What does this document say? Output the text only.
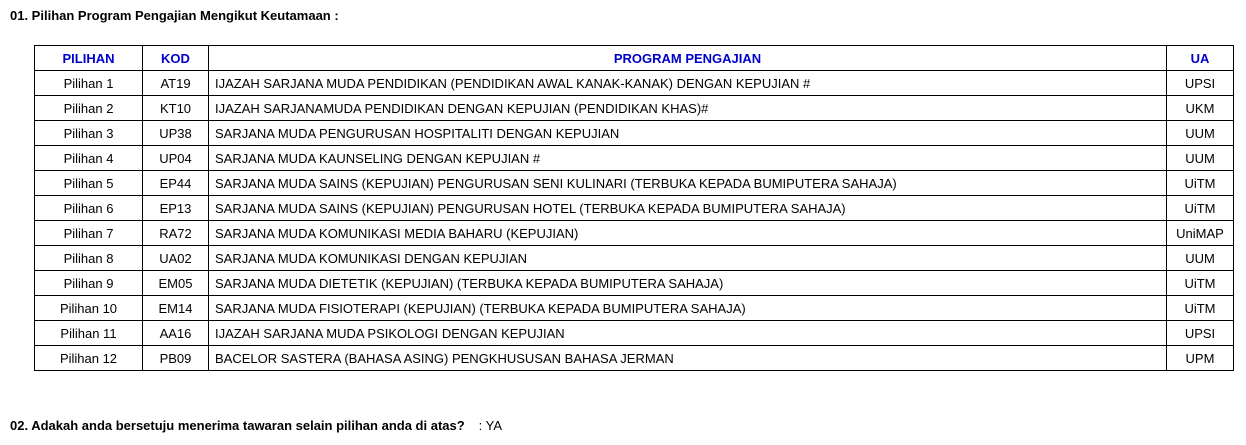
01. Pilihan Program Pengajian Mengikut Keutamaan :
PILIHAN	KOD	PROGRAM PENGAJIAN	UA
Pilihan 1	AT19	IJAZAH SARJANA MUDA PENDIDIKAN (PENDIDIKAN AWAL KANAK-KANAK) DENGAN KEPUJIAN #	UPSI
Pilihan 2	KT10	IJAZAH SARJANAMUDA PENDIDIKAN DENGAN KEPUJIAN (PENDIDIKAN KHAS)#	UKM
Pilihan 3	UP38	SARJANA MUDA PENGURUSAN HOSPITALITI DENGAN KEPUJIAN	UUM
Pilihan 4	UP04	SARJANA MUDA KAUNSELING DENGAN KEPUJIAN #	UUM
Pilihan 5	EP44	SARJANA MUDA SAINS (KEPUJIAN) PENGURUSAN SENI KULINARI (TERBUKA KEPADA BUMIPUTERA SAHAJA)	UiTM
Pilihan 6	EP13	SARJANA MUDA SAINS (KEPUJIAN) PENGURUSAN HOTEL (TERBUKA KEPADA BUMIPUTERA SAHAJA)	UiTM
Pilihan 7	RA72	SARJANA MUDA KOMUNIKASI MEDIA BAHARU (KEPUJIAN)	UniMAP
Pilihan 8	UA02	SARJANA MUDA KOMUNIKASI DENGAN KEPUJIAN	UUM
Pilihan 9	EM05	SARJANA MUDA DIETETIK (KEPUJIAN) (TERBUKA KEPADA BUMIPUTERA SAHAJA)	UiTM
Pilihan 10	EM14	SARJANA MUDA FISIOTERAPI (KEPUJIAN) (TERBUKA KEPADA BUMIPUTERA SAHAJA)	UiTM
Pilihan 11	AA16	IJAZAH SARJANA MUDA PSIKOLOGI DENGAN KEPUJIAN	UPSI
Pilihan 12	PB09	BACELOR SASTERA (BAHASA ASING) PENGKHUSUSAN BAHASA JERMAN	UPM
02. Adakah anda bersetuju menerima tawaran selain pilihan anda di atas? : YA
